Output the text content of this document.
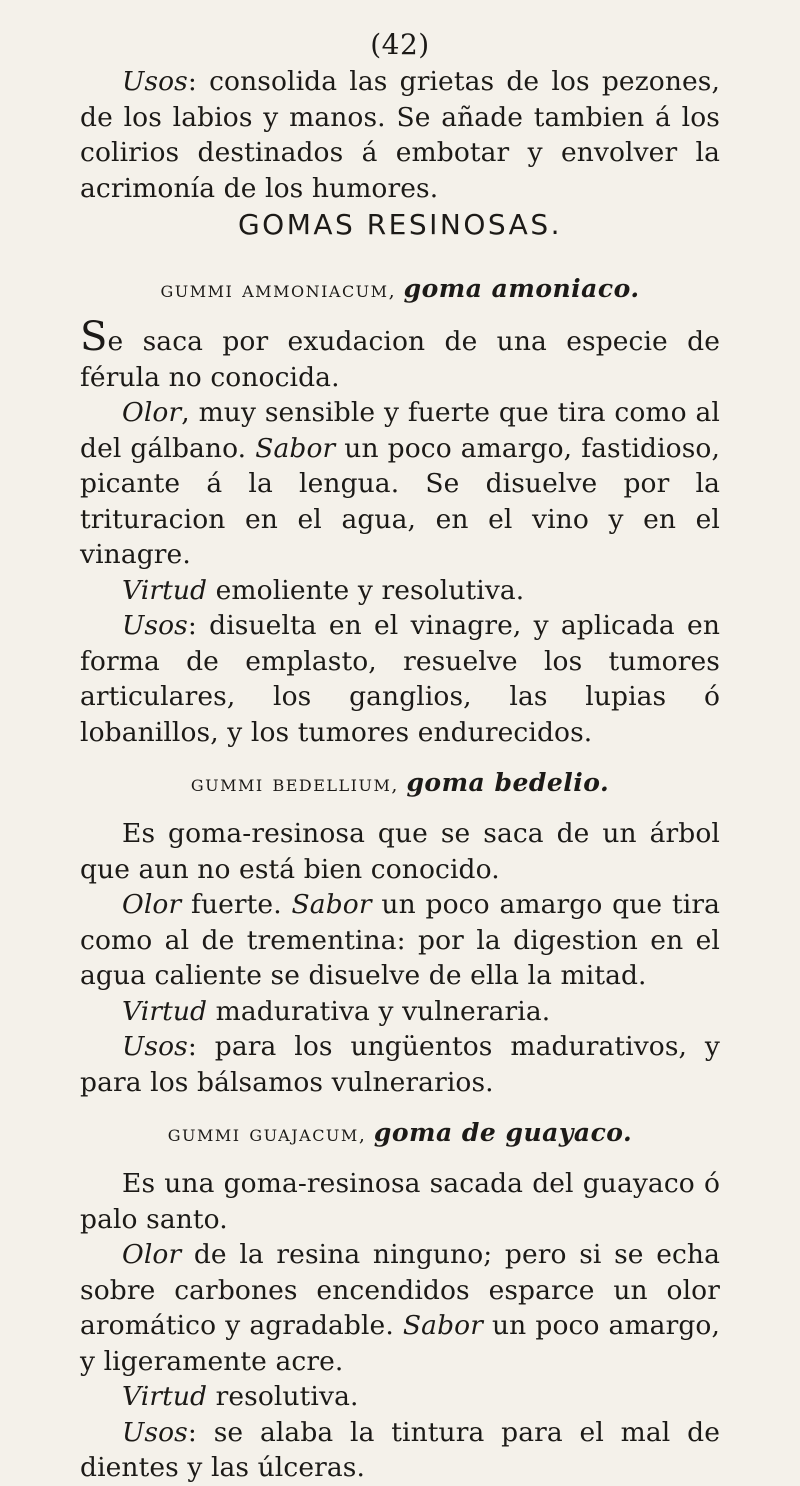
(42)

Usos: consolida las grietas de los pezones, de los labios y manos. Se añade tambien á los colirios destinados á embotar y envolver la acrimonía de los humores.

GOMAS RESINOSAS.
gummi ammoniacum, goma amoniaco.

Se saca por exudacion de una especie de férula no conocida.

Olor, muy sensible y fuerte que tira como al del gálbano. Sabor un poco amargo, fastidioso, picante á la lengua. Se disuelve por la trituracion en el agua, en el vino y en el vinagre.

Virtud emoliente y resolutiva.

Usos: disuelta en el vinagre, y aplicada en forma de emplasto, resuelve los tumores articulares, los ganglios, las lupias ó lobanillos, y los tumores endurecidos.

gummi bedellium, goma bedelio.

Es goma-resinosa que se saca de un árbol que aun no está bien conocido.

Olor fuerte. Sabor un poco amargo que tira como al de trementina: por la digestion en el agua caliente se disuelve de ella la mitad.

Virtud madurativa y vulneraria.

Usos: para los ungüentos madurativos, y para los bálsamos vulnerarios.

gummi guajacum, goma de guayaco.

Es una goma-resinosa sacada del guayaco ó palo santo.

Olor de la resina ninguno; pero si se echa sobre carbones encendidos esparce un olor aromático y agradable. Sabor un poco amargo, y ligeramente acre.

Virtud resolutiva.

Usos: se alaba la tintura para el mal de dientes y las úlceras.
